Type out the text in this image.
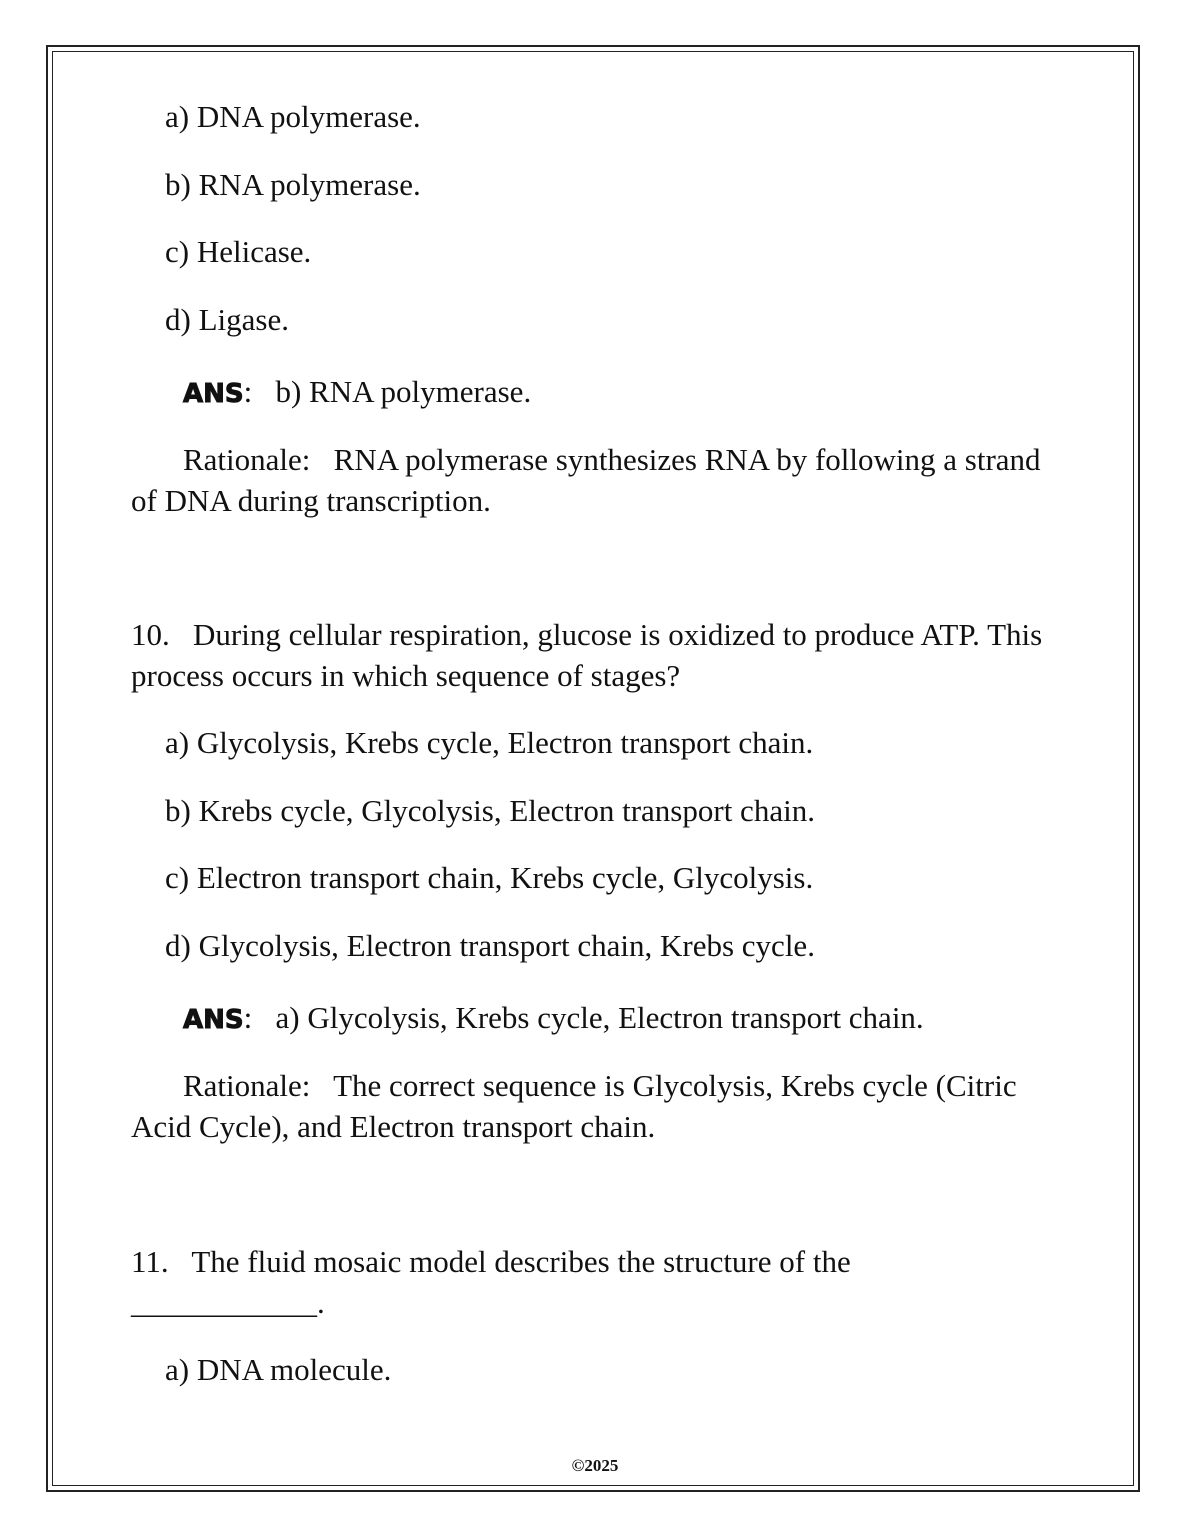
a) DNA polymerase.

b) RNA polymerase.

c) Helicase.

d) Ligase.

ANS:   b) RNA polymerase.

Rationale: RNA polymerase synthesizes RNA by following a strand of DNA during transcription.

10. During cellular respiration, glucose is oxidized to produce ATP. This process occurs in which sequence of stages?

a) Glycolysis, Krebs cycle, Electron transport chain.

b) Krebs cycle, Glycolysis, Electron transport chain.

c) Electron transport chain, Krebs cycle, Glycolysis.

d) Glycolysis, Electron transport chain, Krebs cycle.

ANS:   a) Glycolysis, Krebs cycle, Electron transport chain.

Rationale: The correct sequence is Glycolysis, Krebs cycle (Citric Acid Cycle), and Electron transport chain.

11. The fluid mosaic model describes the structure of the ____________.

a) DNA molecule.

©2025
